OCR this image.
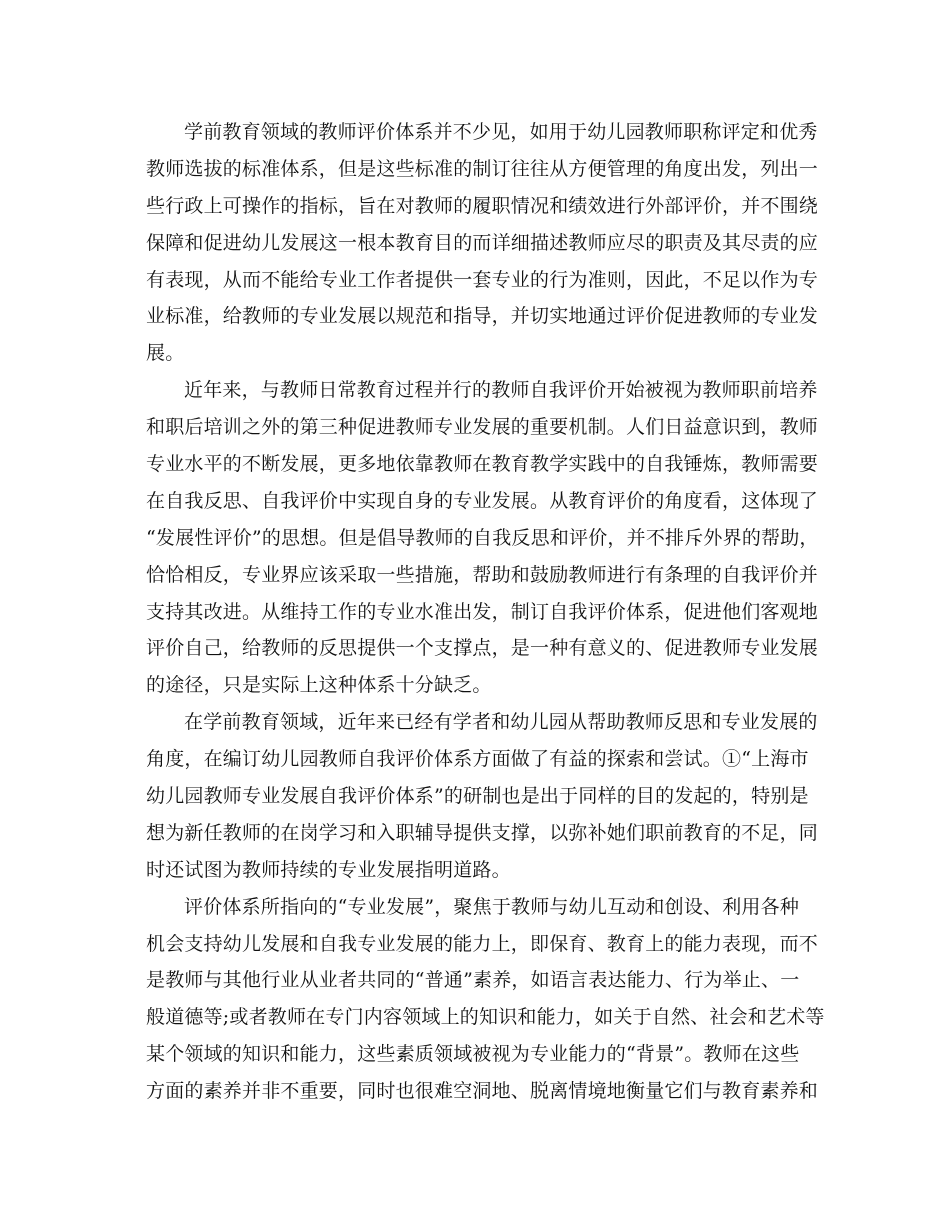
学前教育领域的教师评价体系并不少见，如用于幼儿园教师职称评定和优秀
教师选拔的标准体系，但是这些标准的制订往往从方便管理的角度出发，列出一
些行政上可操作的指标，旨在对教师的履职情况和绩效进行外部评价，并不围绕
保障和促进幼儿发展这一根本教育目的而详细描述教师应尽的职责及其尽责的应
有表现，从而不能给专业工作者提供一套专业的行为准则，因此，不足以作为专
业标准，给教师的专业发展以规范和指导，并切实地通过评价促进教师的专业发
展。
近年来，与教师日常教育过程并行的教师自我评价开始被视为教师职前培养
和职后培训之外的第三种促进教师专业发展的重要机制。人们日益意识到，教师
专业水平的不断发展，更多地依靠教师在教育教学实践中的自我锤炼，教师需要
在自我反思、自我评价中实现自身的专业发展。从教育评价的角度看，这体现了
“发展性评价”的思想。但是倡导教师的自我反思和评价，并不排斥外界的帮助，
恰恰相反，专业界应该采取一些措施，帮助和鼓励教师进行有条理的自我评价并
支持其改进。从维持工作的专业水准出发，制订自我评价体系，促进他们客观地
评价自己，给教师的反思提供一个支撑点，是一种有意义的、促进教师专业发展
的途径，只是实际上这种体系十分缺乏。
在学前教育领域，近年来已经有学者和幼儿园从帮助教师反思和专业发展的
角度，在编订幼儿园教师自我评价体系方面做了有益的探索和尝试。①“上海市
幼儿园教师专业发展自我评价体系”的研制也是出于同样的目的发起的，特别是
想为新任教师的在岗学习和入职辅导提供支撑，以弥补她们职前教育的不足，同
时还试图为教师持续的专业发展指明道路。
评价体系所指向的“专业发展”，聚焦于教师与幼儿互动和创设、利用各种
机会支持幼儿发展和自我专业发展的能力上，即保育、教育上的能力表现，而不
是教师与其他行业从业者共同的“普通”素养，如语言表达能力、行为举止、一
般道德等;或者教师在专门内容领域上的知识和能力，如关于自然、社会和艺术等
某个领域的知识和能力，这些素质领域被视为专业能力的“背景”。教师在这些
方面的素养并非不重要，同时也很难空洞地、脱离情境地衡量它们与教育素养和
